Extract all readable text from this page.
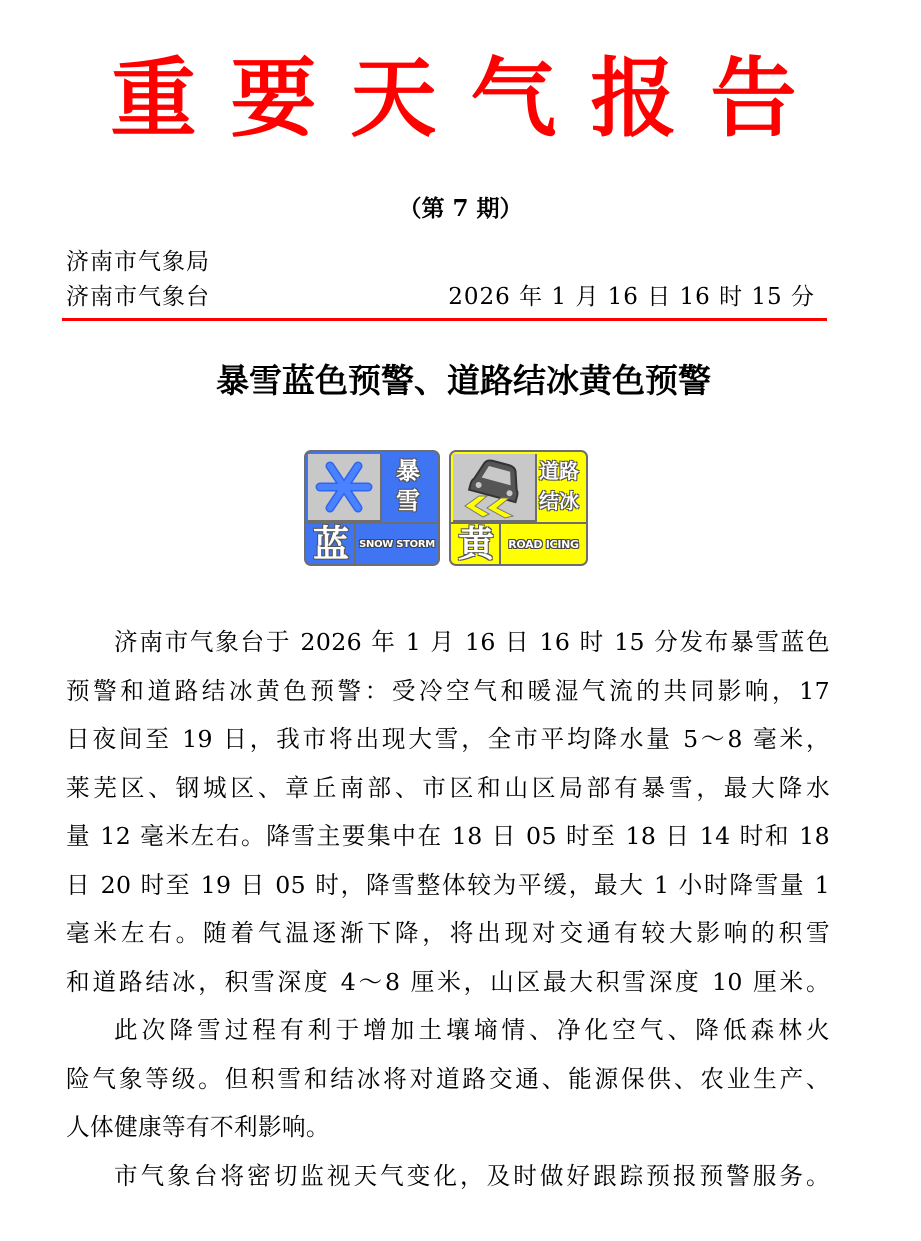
重要天气报告
（第 7 期）
济南市气象局
济南市气象台	2026 年 1 月 16 日 16 时 15 分
暴雪蓝色预警、道路结冰黄色预警
暴
雪
蓝	SNOW STORM
道路
结冰
黄	ROAD ICING
济南市气象台于 2026 年 1 月 16 日 16 时 15 分发布暴雪蓝色
预警和道路结冰黄色预警：受冷空气和暖湿气流的共同影响，17
日夜间至 19 日，我市将出现大雪，全市平均降水量 5～8 毫米，
莱芜区、钢城区、章丘南部、市区和山区局部有暴雪，最大降水
量 12 毫米左右。降雪主要集中在 18 日 05 时至 18 日 14 时和 18
日 20 时至 19 日 05 时，降雪整体较为平缓，最大 1 小时降雪量 1
毫米左右。随着气温逐渐下降，将出现对交通有较大影响的积雪
和道路结冰，积雪深度 4～8 厘米，山区最大积雪深度 10 厘米。
此次降雪过程有利于增加土壤墒情、净化空气、降低森林火
险气象等级。但积雪和结冰将对道路交通、能源保供、农业生产、
人体健康等有不利影响。
市气象台将密切监视天气变化，及时做好跟踪预报预警服务。
